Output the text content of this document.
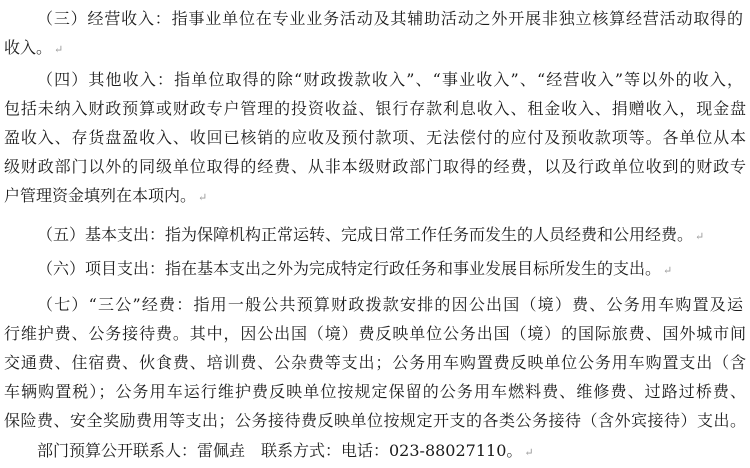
（三）经营收入：指事业单位在专业业务活动及其辅助活动之外开展非独立核算经营活动取得的
收入。 ↵
（四）其他收入：指单位取得的除“财政拨款收入”、“事业收入”、“经营收入”等以外的收入，
包括未纳入财政预算或财政专户管理的投资收益、银行存款利息收入、租金收入、捐赠收入，现金盘
盈收入、存货盘盈收入、收回已核销的应收及预付款项、无法偿付的应付及预收款项等。各单位从本
级财政部门以外的同级单位取得的经费、从非本级财政部门取得的经费，以及行政单位收到的财政专
户管理资金填列在本项内。 ↵
（五）基本支出：指为保障机构正常运转、完成日常工作任务而发生的人员经费和公用经费。 ↵
（六）项目支出：指在基本支出之外为完成特定行政任务和事业发展目标所发生的支出。 ↵
（七）“三公”经费：指用一般公共预算财政拨款安排的因公出国（境）费、公务用车购置及运
行维护费、公务接待费。其中，因公出国（境）费反映单位公务出国（境）的国际旅费、国外城市间
交通费、住宿费、伙食费、培训费、公杂费等支出；公务用车购置费反映单位公务用车购置支出（含
车辆购置税）；公务用车运行维护费反映单位按规定保留的公务用车燃料费、维修费、过路过桥费、
保险费、安全奖励费用等支出；公务接待费反映单位按规定开支的各类公务接待（含外宾接待）支出。
部门预算公开联系人：雷佩垚　联系方式：电话：023-88027110。 ↵
